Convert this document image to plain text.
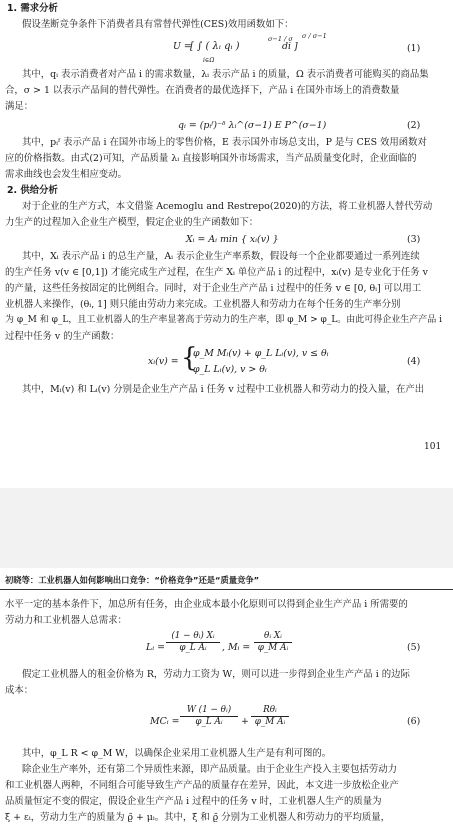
1. 需求分析
假设垄断竞争条件下消费者具有常替代弹性(CES)效用函数如下：
U =
[ ∫ ( λᵢ qᵢ )
σ−1 / σ
di ]
i∈Ω
σ / σ−1
(1)
其中，qᵢ 表示消费者对产品 i 的需求数量，λᵢ 表示产品 i 的质量，Ω 表示消费者可能购买的商品集
合，σ > 1 以表示产品间的替代弹性。在消费者的最优选择下，产品 i 在国外市场上的消费数量
满足：
qᵢ = (pᵢᶠ)⁻ᵟ λᵢ^(σ−1) E P^(σ−1)	(2)
其中，pᵢᶠ 表示产品 i 在国外市场上的零售价格，E 表示国外市场总支出，P 是与 CES 效用函数对
应的价格指数。由式(2)可知，产品质量 λᵢ 直接影响国外市场需求，当产品质量变化时，企业面临的
需求曲线也会发生相应变动。
2. 供给分析
对于企业的生产方式，本文借鉴 Acemoglu and Restrepo(2020)的方法，将工业机器人替代劳动
力生产的过程加入企业生产模型，假定企业的生产函数如下：
Xᵢ = Aᵢ min { xᵢ(v) }	(3)
其中，Xᵢ 表示产品 i 的总生产量，Aᵢ 表示企业生产率系数，假设每一个企业都要通过一系列连续
的生产任务 v(v ∈ [0,1]) 才能完成生产过程，在生产 Xᵢ 单位产品 i 的过程中，xᵢ(v) 是专业化于任务 v
的产量，这些任务按固定的比例组合。同时，对于企业生产产品 i 过程中的任务 v ∈ [0, θᵢ] 可以用工
业机器人来操作，(θᵢ, 1] 则只能由劳动力来完成。工业机器人和劳动力在每个任务的生产率分别
为 φ_M 和 φ_L，且工业机器人的生产率显著高于劳动力的生产率，即 φ_M > φ_L。由此可得企业生产产品 i
过程中任务 v 的生产函数：
xᵢ(v) = {
φ_M Mᵢ(v) + φ_L Lᵢ(v), v ≤ θᵢ
φ_L Lᵢ(v), v > θᵢ
(4)
其中，Mᵢ(v) 和 Lᵢ(v) 分别是企业生产产品 i 任务 v 过程中工业机器人和劳动力的投入量，在产出
101
初晓等：工业机器人如何影响出口竞争：“价格竞争”还是“质量竞争”
水平一定的基本条件下，加总所有任务，由企业成本最小化原则可以得到企业生产产品 i 所需要的
劳动力和工业机器人总需求：
Lᵢ = $\frac{\text{(1 − θᵢ) Xᵢ}}{\text{φ\_L Aᵢ}}$ , Mᵢ = $\frac{\text{θᵢ Xᵢ}}{\text{φ\_M Aᵢ}}$	(5)
假定工业机器人的租金价格为 R，劳动力工资为 W，则可以进一步得到企业生产产品 i 的边际
成本：
MCᵢ = $\frac{\text{W (1 − θᵢ)}}{\text{φ\_L Aᵢ}}$ +
Rθᵢ
φ_M Aᵢ	(6)
其中，φ_L R < φ_M W，以确保企业采用工业机器人生产是有利可图的。
除企业生产率外，还有第二个异质性来源，即产品质量。由于企业生产投入主要包括劳动力
和工业机器人两种，不同组合可能导致生产产品的质量存在差异，因此，本文进一步放松企业产
品质量恒定不变的假定，假设企业生产产品 i 过程中的任务 v 时，工业机器人生产的质量为
ξ̄ + εᵢ，劳动力生产的质量为 ϱ̄ + μᵢ。其中，ξ̄ 和 ϱ̄ 分别为工业机器人和劳动力的平均质量，
